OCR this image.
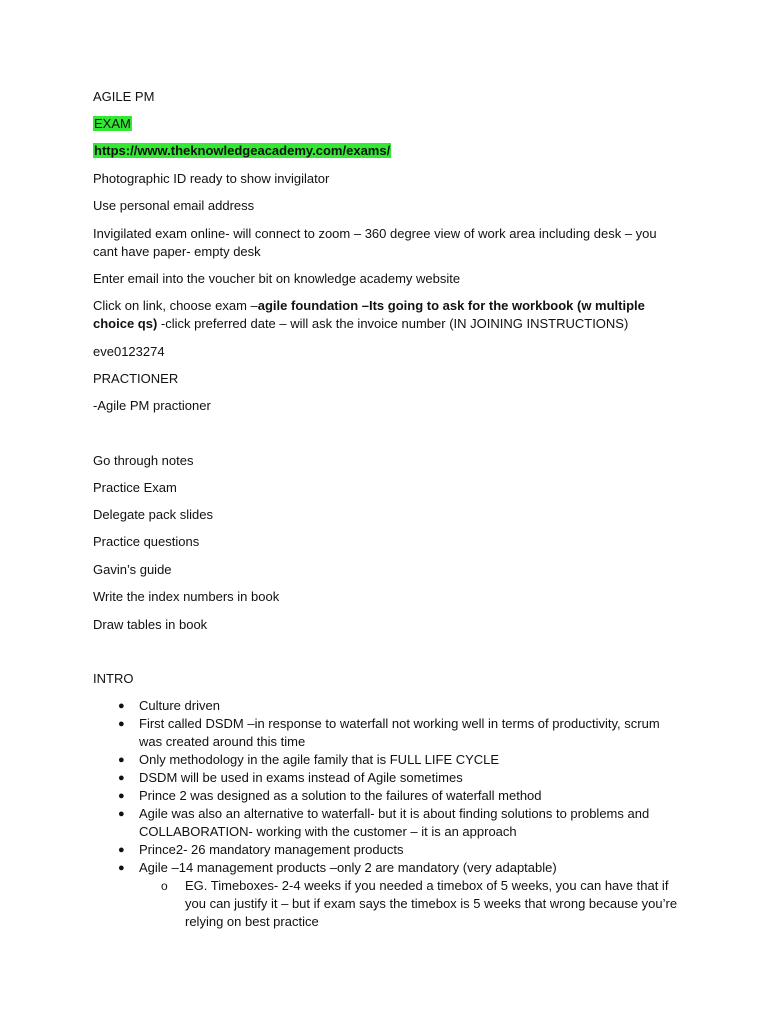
AGILE PM
EXAM
https://www.theknowledgeacademy.com/exams/
Photographic ID ready to show invigilator
Use personal email address
Invigilated exam online- will connect to zoom – 360 degree view of work area including desk – you cant have paper- empty desk
Enter email into the voucher bit on knowledge academy website
Click on link, choose exam –agile foundation –Its going to ask for the workbook (w multiple choice qs) -click preferred date – will ask the invoice number (IN JOINING INSTRUCTIONS)
eve0123274
PRACTIONER
-Agile PM practioner
Go through notes
Practice Exam
Delegate pack slides
Practice questions
Gavin’s guide
Write the index numbers in book
Draw tables in book
INTRO
● Culture driven
● First called DSDM –in response to waterfall not working well in terms of productivity, scrum was created around this time
● Only methodology in the agile family that is FULL LIFE CYCLE
● DSDM will be used in exams instead of Agile sometimes
● Prince 2 was designed as a solution to the failures of waterfall method
● Agile was also an alternative to waterfall- but it is about finding solutions to problems and COLLABORATION- working with the customer – it is an approach
● Prince2- 26 mandatory management products
● Agile –14 management products –only 2 are mandatory (very adaptable)
o EG. Timeboxes- 2-4 weeks if you needed a timebox of 5 weeks, you can have that if you can justify it – but if exam says the timebox is 5 weeks that wrong because you’re relying on best practice
